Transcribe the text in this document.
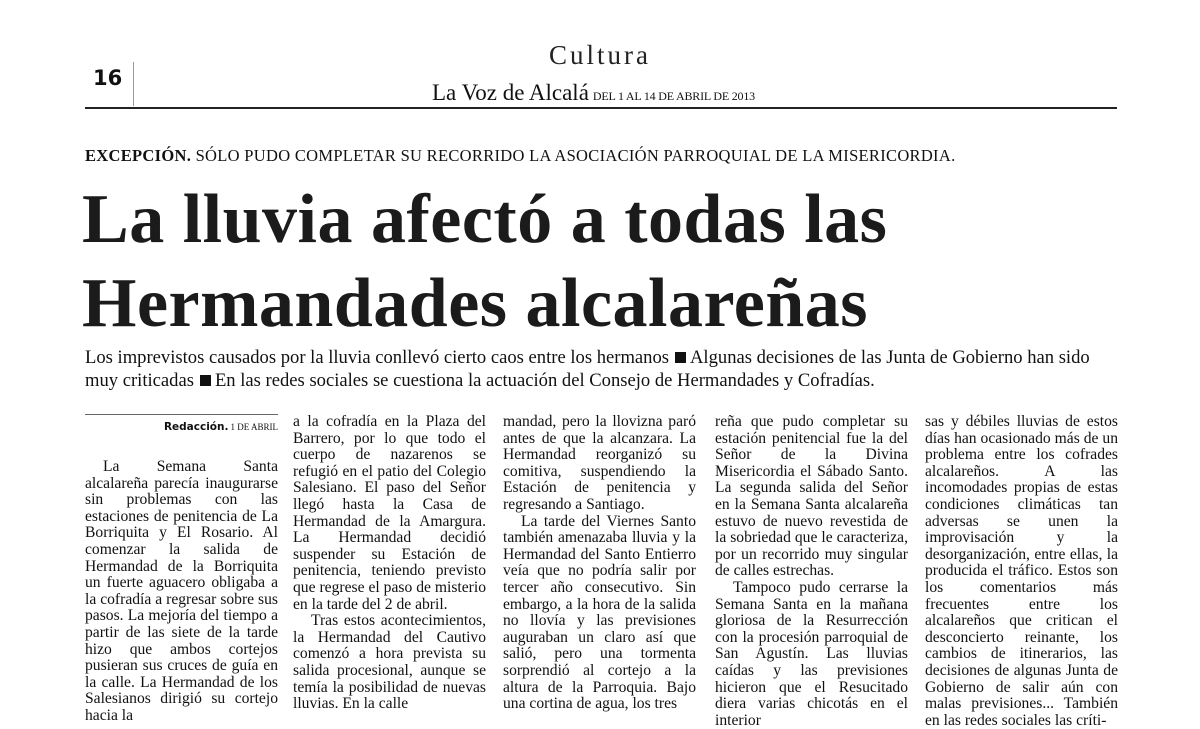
16
Cultura
La Voz de Alcalá DEL 1 AL 14 DE ABRIL DE 2013
EXCEPCIÓN. SÓLO PUDO COMPLETAR SU RECORRIDO LA ASOCIACIÓN PARROQUIAL DE LA MISERICORDIA.
La lluvia afectó a todas las
Hermandades alcalareñas

Los imprevistos causados por la lluvia conllevó cierto caos entre los hermanos Algunas decisiones de las Junta de Gobierno han sido muy criticadas En las redes sociales se cuestiona la actuación del Consejo de Hermandades y Cofradías.

Redacción. 1 DE ABRIL

La Semana Santa alcalareña parecía inaugurarse sin problemas con las estaciones de penitencia de La Borriquita y El Rosario. Al comenzar la salida de Hermandad de la Borriquita un fuerte aguacero obligaba a la cofradía a regresar sobre sus pasos. La mejoría del tiempo a partir de las siete de la tarde hizo que ambos cortejos pusieran sus cruces de guía en la calle. La Hermandad de los Salesianos dirigió su cortejo hacia la

a la cofradía en la Plaza del Barrero, por lo que todo el cuerpo de nazarenos se refugió en el patio del Colegio Salesiano. El paso del Señor llegó hasta la Casa de Hermandad de la Amargura. La Hermandad decidió suspender su Estación de penitencia, teniendo previsto que regrese el paso de misterio en la tarde del 2 de abril.

Tras estos acontecimientos, la Hermandad del Cautivo comenzó a hora prevista su salida procesional, aunque se temía la posibilidad de nuevas lluvias. En la calle

mandad, pero la llovizna paró antes de que la alcanzara. La Hermandad reorganizó su comitiva, suspendiendo la Estación de penitencia y regresando a Santiago.

La tarde del Viernes Santo también amenazaba lluvia y la Hermandad del Santo Entierro veía que no podría salir por tercer año consecutivo. Sin embargo, a la hora de la salida no llovía y las previsiones auguraban un claro así que salió, pero una tormenta sorprendió al cortejo a la altura de la Parroquia. Bajo una cortina de agua, los tres

reña que pudo completar su estación penitencial fue la del Señor de la Divina Misericordia el Sábado Santo. La segunda salida del Señor en la Semana Santa alcalareña estuvo de nuevo revestida de la sobriedad que le caracteriza, por un recorrido muy singular de calles estrechas.

Tampoco pudo cerrarse la Semana Santa en la mañana gloriosa de la Resurrección con la procesión parroquial de San Agustín. Las lluvias caídas y las previsiones hicieron que el Resucitado diera varias chicotás en el interior

sas y débiles lluvias de estos días han ocasionado más de un problema entre los cofrades alcalareños. A las incomodades propias de estas condiciones climáticas tan adversas se unen la improvisación y la desorganización, entre ellas, la producida el tráfico. Estos son los comentarios más frecuentes entre los alcalareños que critican el desconcierto reinante, los cambios de itinerarios, las decisiones de algunas Junta de Gobierno de salir aún con malas previsiones... También en las redes sociales las críti-
